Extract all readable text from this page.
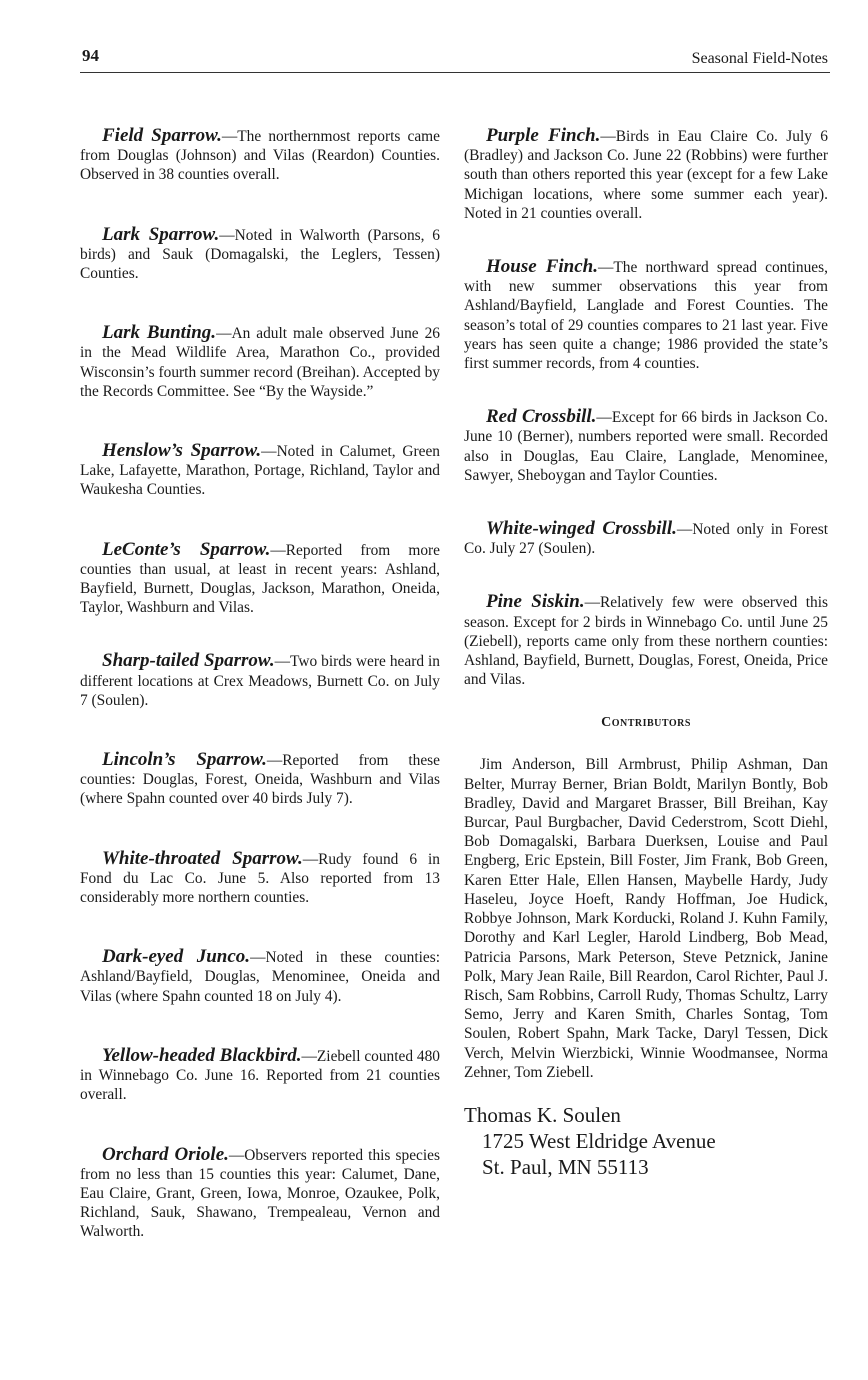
94	Seasonal Field-Notes

Field Sparrow.—The northernmost reports came from Douglas (Johnson) and Vilas (Reardon) Counties. Observed in 38 counties overall.

Lark Sparrow.—Noted in Walworth (Parsons, 6 birds) and Sauk (Domagalski, the Leglers, Tessen) Counties.

Lark Bunting.—An adult male observed June 26 in the Mead Wildlife Area, Marathon Co., provided Wisconsin’s fourth summer record (Breihan). Accepted by the Records Committee. See “By the Wayside.”

Henslow’s Sparrow.—Noted in Calumet, Green Lake, Lafayette, Marathon, Portage, Richland, Taylor and Waukesha Counties.

LeConte’s Sparrow.—Reported from more counties than usual, at least in recent years: Ashland, Bayfield, Burnett, Douglas, Jackson, Marathon, Oneida, Taylor, Washburn and Vilas.

Sharp-tailed Sparrow.—Two birds were heard in different locations at Crex Meadows, Burnett Co. on July 7 (Soulen).

Lincoln’s Sparrow.—Reported from these counties: Douglas, Forest, Oneida, Washburn and Vilas (where Spahn counted over 40 birds July 7).

White-throated Sparrow.—Rudy found 6 in Fond du Lac Co. June 5. Also reported from 13 considerably more northern counties.

Dark-eyed Junco.—Noted in these counties: Ashland/Bayfield, Douglas, Menominee, Oneida and Vilas (where Spahn counted 18 on July 4).

Yellow-headed Blackbird.—Ziebell counted 480 in Winnebago Co. June 16. Reported from 21 counties overall.

Orchard Oriole.—Observers reported this species from no less than 15 counties this year: Calumet, Dane, Eau Claire, Grant, Green, Iowa, Monroe, Ozaukee, Polk, Richland, Sauk, Shawano, Trempealeau, Vernon and Walworth.

Purple Finch.—Birds in Eau Claire Co. July 6 (Bradley) and Jackson Co. June 22 (Robbins) were further south than others reported this year (except for a few Lake Michigan locations, where some summer each year). Noted in 21 counties overall.

House Finch.—The northward spread continues, with new summer observations this year from Ashland/Bayfield, Langlade and Forest Counties. The season’s total of 29 counties compares to 21 last year. Five years has seen quite a change; 1986 provided the state’s first summer records, from 4 counties.

Red Crossbill.—Except for 66 birds in Jackson Co. June 10 (Berner), numbers reported were small. Recorded also in Douglas, Eau Claire, Langlade, Menominee, Sawyer, Sheboygan and Taylor Counties.

White-winged Crossbill.—Noted only in Forest Co. July 27 (Soulen).

Pine Siskin.—Relatively few were observed this season. Except for 2 birds in Winnebago Co. until June 25 (Ziebell), reports came only from these northern counties: Ashland, Bayfield, Burnett, Douglas, Forest, Oneida, Price and Vilas.

Contributors

Jim Anderson, Bill Armbrust, Philip Ashman, Dan Belter, Murray Berner, Brian Boldt, Marilyn Bontly, Bob Bradley, David and Margaret Brasser, Bill Breihan, Kay Burcar, Paul Burgbacher, David Cederstrom, Scott Diehl, Bob Domagalski, Barbara Duerksen, Louise and Paul Engberg, Eric Epstein, Bill Foster, Jim Frank, Bob Green, Karen Etter Hale, Ellen Hansen, Maybelle Hardy, Judy Haseleu, Joyce Hoeft, Randy Hoffman, Joe Hudick, Robbye Johnson, Mark Korducki, Roland J. Kuhn Family, Dorothy and Karl Legler, Harold Lindberg, Bob Mead, Patricia Parsons, Mark Peterson, Steve Petznick, Janine Polk, Mary Jean Raile, Bill Reardon, Carol Richter, Paul J. Risch, Sam Robbins, Carroll Rudy, Thomas Schultz, Larry Semo, Jerry and Karen Smith, Charles Sontag, Tom Soulen, Robert Spahn, Mark Tacke, Daryl Tessen, Dick Verch, Melvin Wierzbicki, Winnie Woodmansee, Norma Zehner, Tom Ziebell.

Thomas K. Soulen
1725 West Eldridge Avenue
St. Paul, MN 55113
